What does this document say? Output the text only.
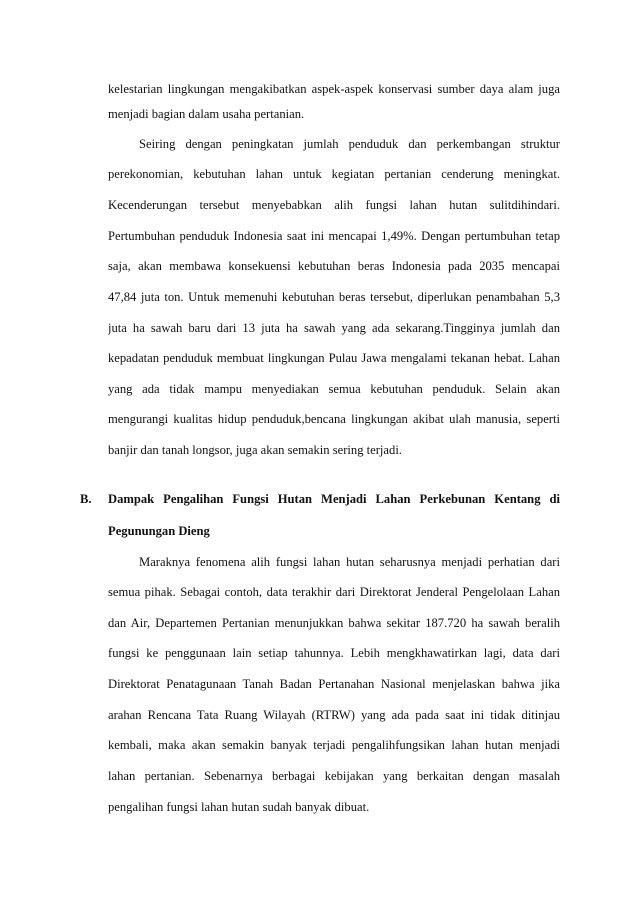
kelestarian lingkungan mengakibatkan aspek-aspek konservasi sumber daya alam juga
menjadi bagian dalam usaha pertanian.
Seiring dengan peningkatan jumlah penduduk dan perkembangan struktur
perekonomian, kebutuhan lahan untuk kegiatan pertanian cenderung meningkat.
Kecenderungan tersebut menyebabkan alih fungsi lahan hutan sulitdihindari.
Pertumbuhan penduduk Indonesia saat ini mencapai 1,49%. Dengan pertumbuhan tetap
saja, akan membawa konsekuensi kebutuhan beras Indonesia pada 2035 mencapai
47,84 juta ton. Untuk memenuhi kebutuhan beras tersebut, diperlukan penambahan 5,3
juta ha sawah baru dari 13 juta ha sawah yang ada sekarang.Tingginya jumlah dan
kepadatan penduduk membuat lingkungan Pulau Jawa mengalami tekanan hebat. Lahan
yang ada tidak mampu menyediakan semua kebutuhan penduduk. Selain akan
mengurangi kualitas hidup penduduk,bencana lingkungan akibat ulah manusia, seperti
banjir dan tanah longsor, juga akan semakin sering terjadi.
B.	Dampak Pengalihan Fungsi Hutan Menjadi Lahan Perkebunan Kentang di
Pegunungan Dieng
Maraknya fenomena alih fungsi lahan hutan seharusnya menjadi perhatian dari
semua pihak. Sebagai contoh, data terakhir dari Direktorat Jenderal Pengelolaan Lahan
dan Air, Departemen Pertanian menunjukkan bahwa sekitar 187.720 ha sawah beralih
fungsi ke penggunaan lain setiap tahunnya. Lebih mengkhawatirkan lagi, data dari
Direktorat Penatagunaan Tanah Badan Pertanahan Nasional menjelaskan bahwa jika
arahan Rencana Tata Ruang Wilayah (RTRW) yang ada pada saat ini tidak ditinjau
kembali, maka akan semakin banyak terjadi pengalihfungsikan lahan hutan menjadi
lahan pertanian. Sebenarnya berbagai kebijakan yang berkaitan dengan masalah
pengalihan fungsi lahan hutan sudah banyak dibuat.
